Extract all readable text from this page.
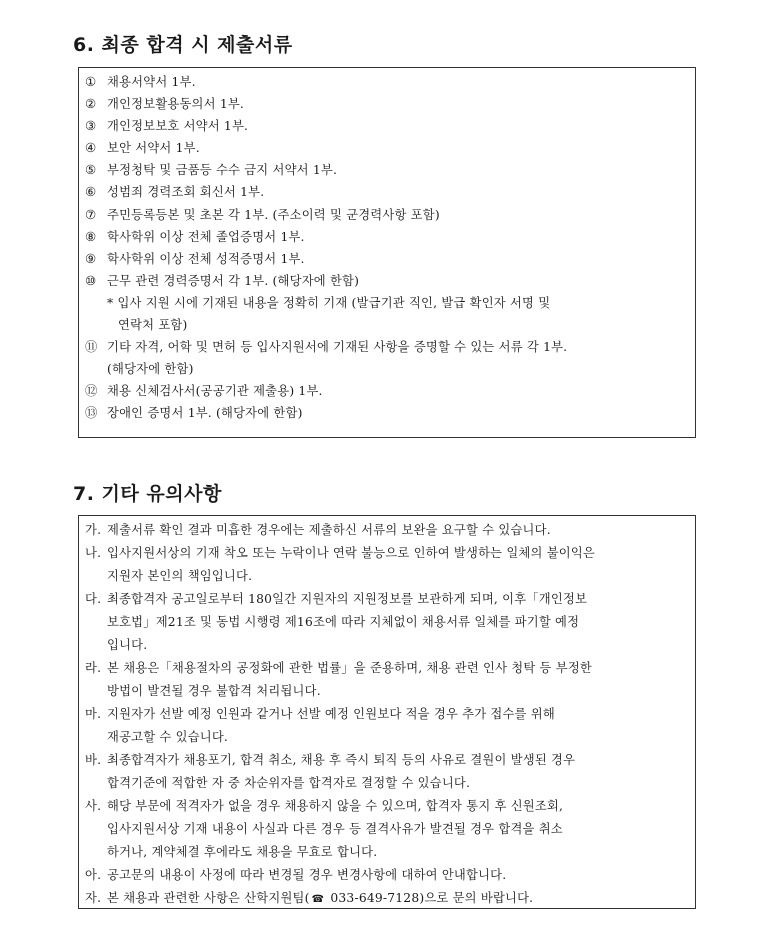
6. 최종 합격 시 제출서류
① 채용서약서 1부.
② 개인정보활용동의서 1부.
③ 개인정보보호 서약서 1부.
④ 보안 서약서 1부.
⑤ 부정청탁 및 금품등 수수 금지 서약서 1부.
⑥ 성범죄 경력조회 회신서 1부.
⑦ 주민등록등본 및 초본 각 1부. (주소이력 및 군경력사항 포함)
⑧ 학사학위 이상 전체 졸업증명서 1부.
⑨ 학사학위 이상 전체 성적증명서 1부.
⑩ 근무 관련 경력증명서 각 1부. (해당자에 한함)
* 입사 지원 시에 기재된 내용을 정확히 기재 (발급기관 직인, 발급 확인자 서명 및
연락처 포함)
⑪ 기타 자격, 어학 및 면허 등 입사지원서에 기재된 사항을 증명할 수 있는 서류 각 1부.
(해당자에 한함)
⑫ 채용 신체검사서(공공기관 제출용) 1부.
⑬ 장애인 증명서 1부. (해당자에 한함)
7. 기타 유의사항
가. 제출서류 확인 결과 미흡한 경우에는 제출하신 서류의 보완을 요구할 수 있습니다.
나. 입사지원서상의 기재 착오 또는 누락이나 연락 불능으로 인하여 발생하는 일체의 불이익은
지원자 본인의 책임입니다.
다. 최종합격자 공고일로부터 180일간 지원자의 지원정보를 보관하게 되며, 이후「개인정보
보호법」제21조 및 동법 시행령 제16조에 따라 지체없이 채용서류 일체를 파기할 예정
입니다.
라. 본 채용은「채용절차의 공정화에 관한 법률」을 준용하며, 채용 관련 인사 청탁 등 부정한
방법이 발견될 경우 불합격 처리됩니다.
마. 지원자가 선발 예정 인원과 같거나 선발 예정 인원보다 적을 경우 추가 접수를 위해
재공고할 수 있습니다.
바. 최종합격자가 채용포기, 합격 취소, 채용 후 즉시 퇴직 등의 사유로 결원이 발생된 경우
합격기준에 적합한 자 중 차순위자를 합격자로 결정할 수 있습니다.
사. 해당 부문에 적격자가 없을 경우 채용하지 않을 수 있으며, 합격자 통지 후 신원조회,
입사지원서상 기재 내용이 사실과 다른 경우 등 결격사유가 발견될 경우 합격을 취소
하거나, 계약체결 후에라도 채용을 무효로 합니다.
아. 공고문의 내용이 사정에 따라 변경될 경우 변경사항에 대하여 안내합니다.
자. 본 채용과 관련한 사항은 산학지원팀( ☎ 033-649-7128)으로 문의 바랍니다.
